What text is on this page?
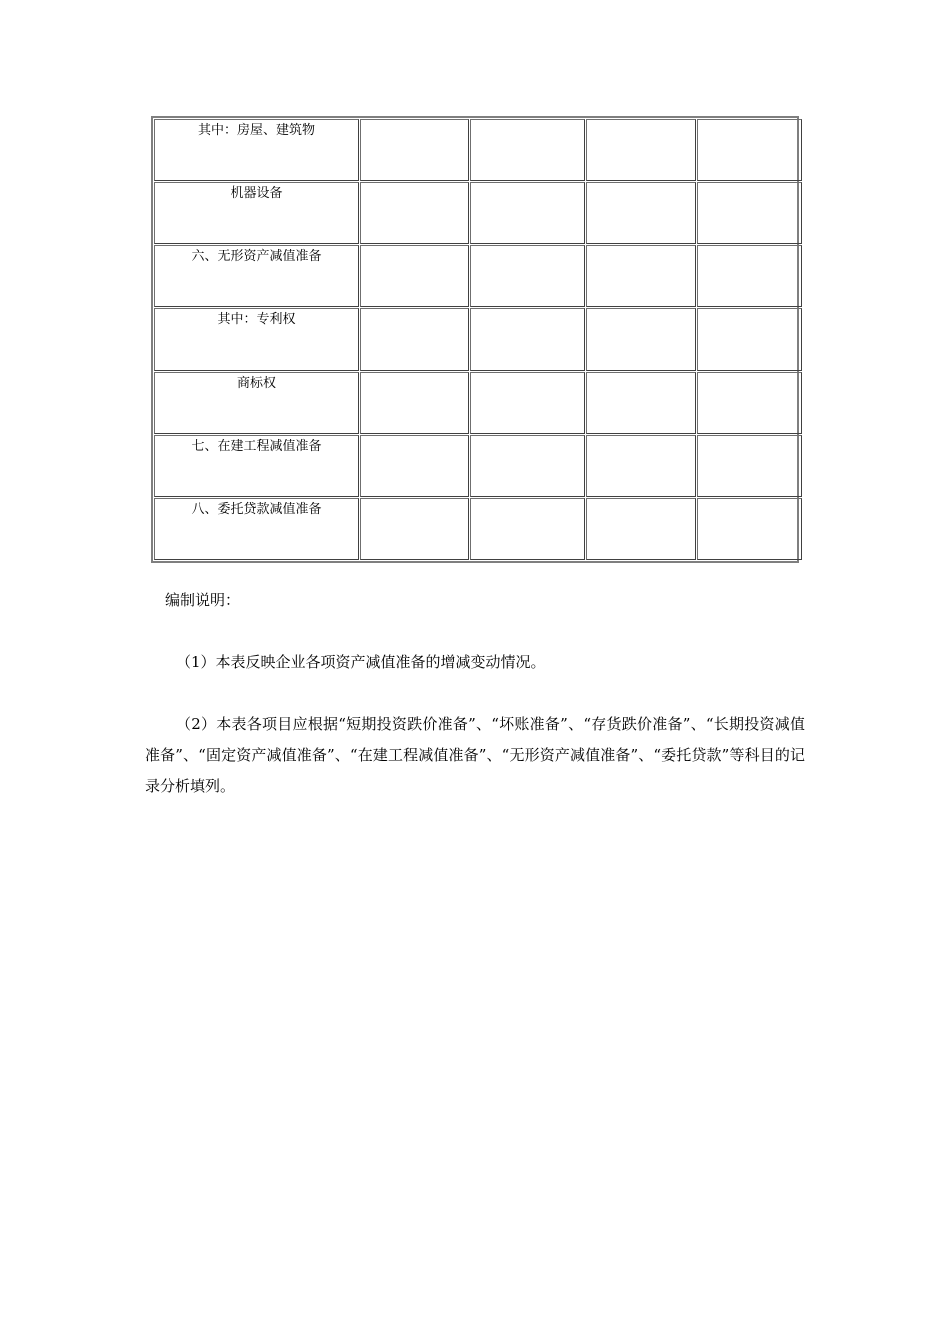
其中：房屋、建筑物				
机器设备				
六、无形资产减值准备				
其中：专利权				
商标权				
七、在建工程减值准备				
八、委托贷款减值准备				

编制说明：

（1）本表反映企业各项资产减值准备的增减变动情况。

（2）本表各项目应根据“短期投资跌价准备”、“坏账准备”、“存货跌价准备”、“长期投资减值准备”、“固定资产减值准备”、“在建工程减值准备”、“无形资产减值准备”、“委托贷款”等科目的记录分析填列。
